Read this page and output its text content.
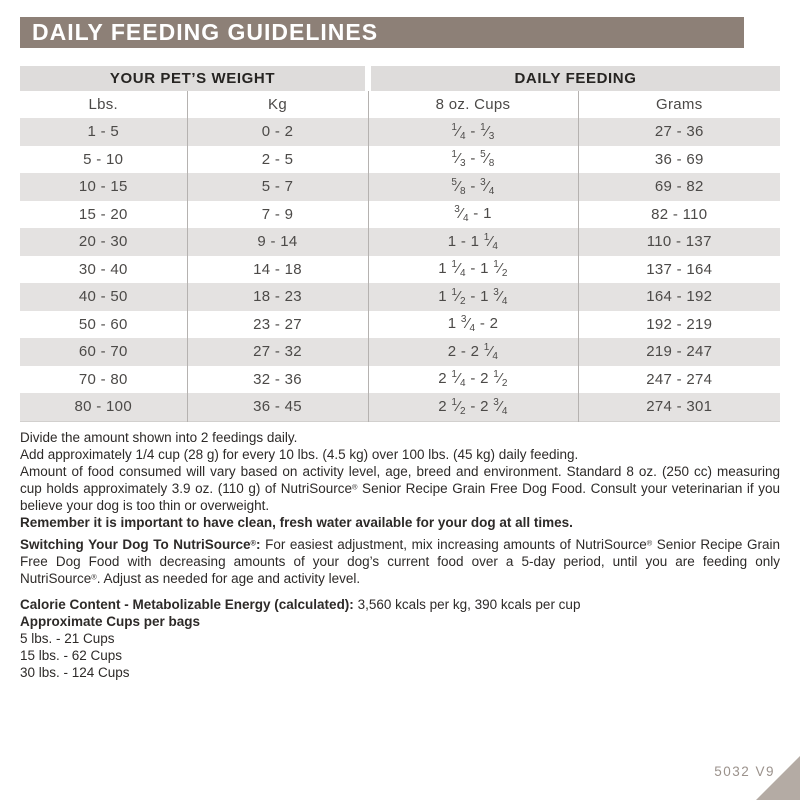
DAILY FEEDING GUIDELINES
YOUR PET’S WEIGHT		DAILY FEEDING	
Lbs.	Kg	8 oz. Cups	Grams
1 - 5	0 - 2	$^1⁄_4$ - $^1⁄_3$	27 - 36
5 - 10	2 - 5	$^1⁄_3$ - $^5⁄_8$	36 - 69
10 - 15	5 - 7	$^5⁄_8$ - $^3⁄_4$	69 - 82
15 - 20	7 - 9	$^3⁄_4 - 1$	82 - 110
20 - 30	9 - 14	1 - 1 $^1⁄_4$	110 - 137
30 - 40	14 - 18	1 $^1⁄_4 - 1$ $^1⁄_2$	137 - 164
40 - 50	18 - 23	1 $^1⁄_2 - 1$ $^3⁄_4$	164 - 192
50 - 60	23 - 27	1 $^3⁄_4 - 2$	192 - 219
60 - 70	27 - 32	2 - 2 $^1⁄_4$	219 - 247
70 - 80	32 - 36	2 $^1⁄_4 - 2$ $^1⁄_2$	247 - 274
80 - 100	36 - 45	2 $^1⁄_2 - 2$ $^3⁄_4$	274 - 301

Divide the amount shown into 2 feedings daily.

Add approximately 1/4 cup (28 g) for every 10 lbs. (4.5 kg) over 100 lbs. (45 kg) daily feeding.

Amount of food consumed will vary based on activity level, age, breed and environment. Standard 8 oz. (250 cc) measuring cup holds approximately 3.9 oz. (110 g) of NutriSource® Senior Recipe Grain Free Dog Food. Consult your veterinarian if you believe your dog is too thin or overweight.

Remember it is important to have clean, fresh water available for your dog at all times.

Switching Your Dog To NutriSource®: For easiest adjustment, mix increasing amounts of NutriSource® Senior Recipe Grain Free Dog Food with decreasing amounts of your dog’s current food over a 5-day period, until you are feeding only NutriSource®. Adjust as needed for age and activity level.

Calorie Content - Metabolizable Energy (calculated): 3,560 kcals per kg, 390 kcals per cup

Approximate Cups per bags

5 lbs. - 21 Cups
15 lbs. - 62 Cups
30 lbs. - 124 Cups
5032 V9
